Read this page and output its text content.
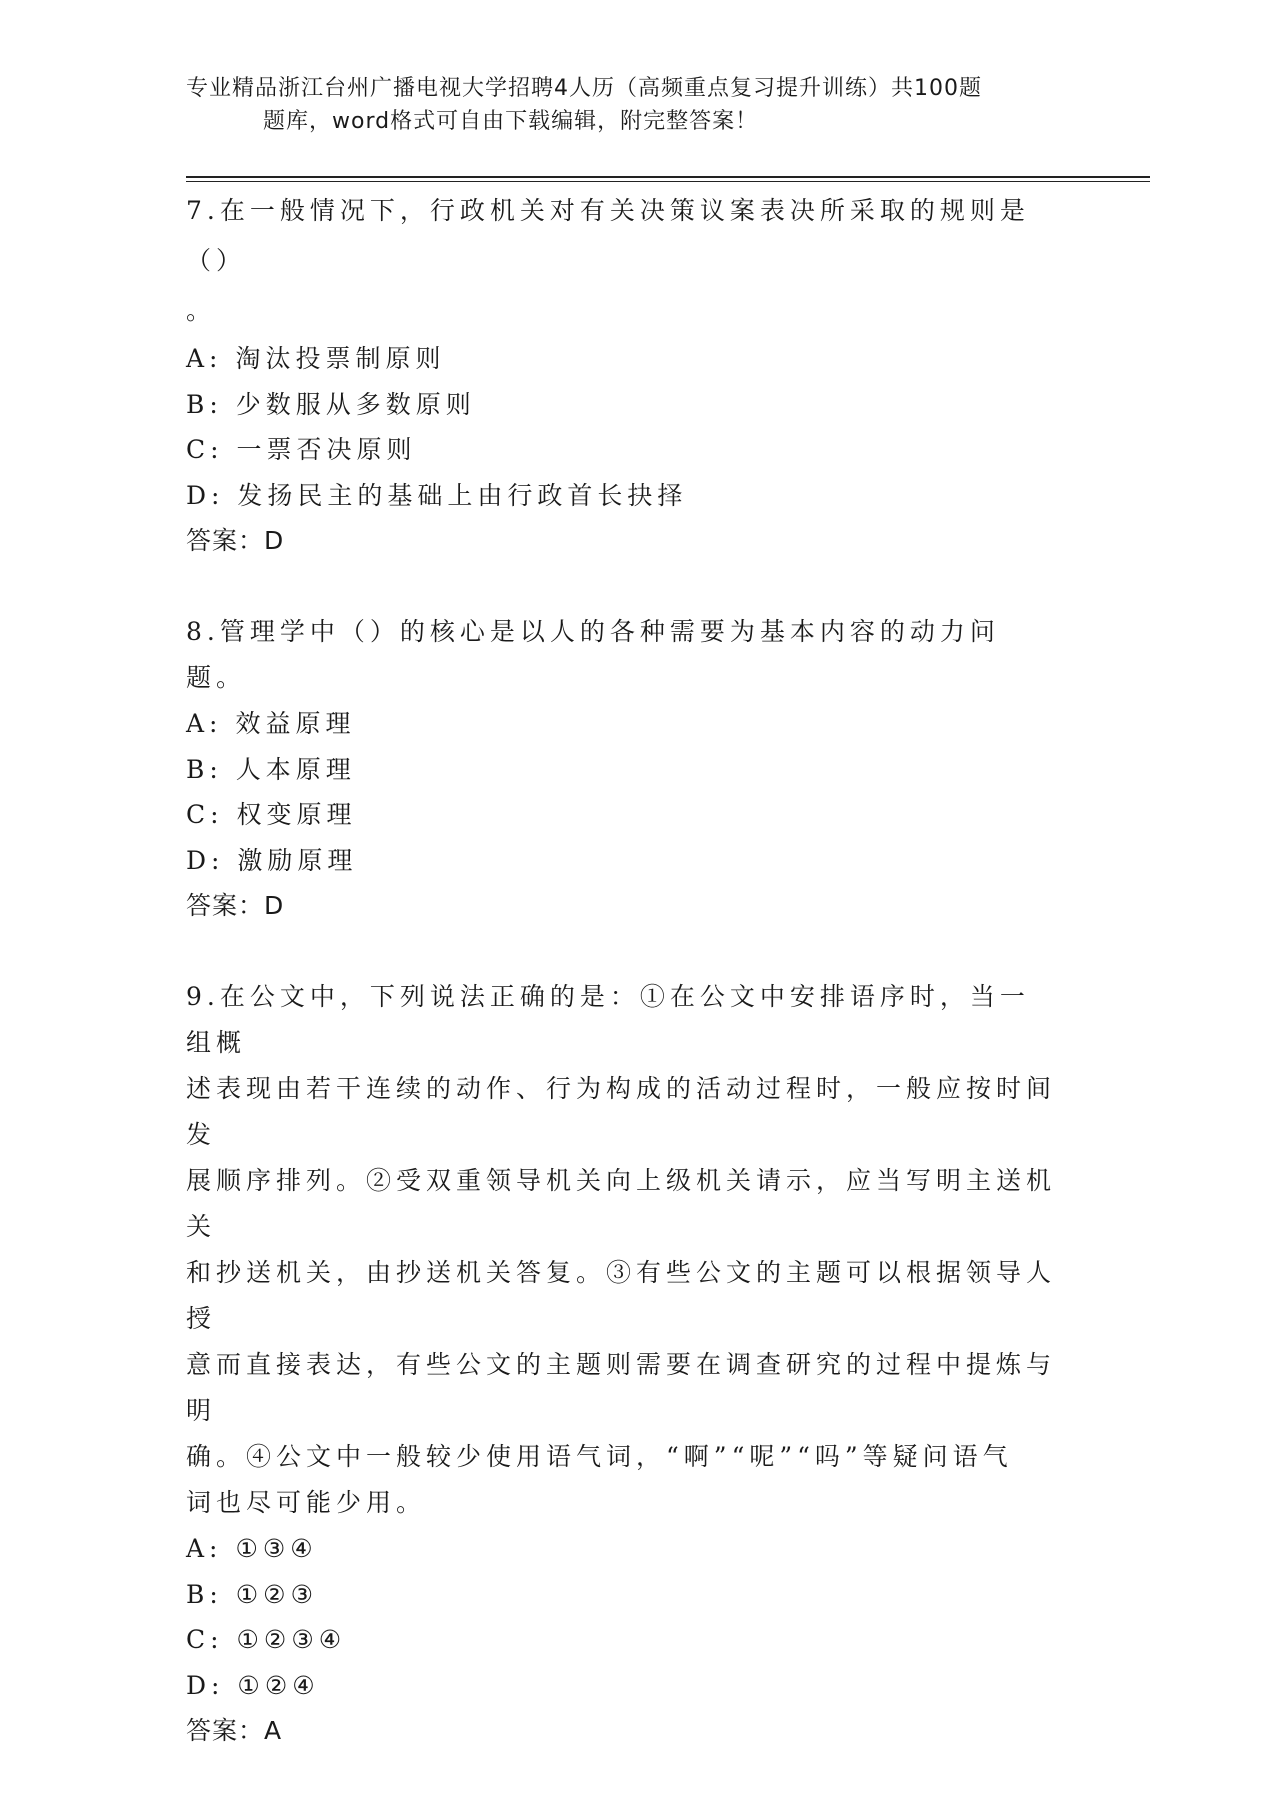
专业精品浙江台州广播电视大学招聘4人历（高频重点复习提升训练）共100题
题库，word格式可自由下载编辑，附完整答案！

7.在一般情况下，行政机关对有关决策议案表决所采取的规则是（）
。

A: 淘汰投票制原则

B: 少数服从多数原则

C: 一票否决原则

D: 发扬民主的基础上由行政首长抉择

答案：D

8.管理学中（）的核心是以人的各种需要为基本内容的动力问题。

A: 效益原理

B: 人本原理

C: 权变原理

D: 激励原理

答案：D

9.在公文中，下列说法正确的是：①在公文中安排语序时，当一组概
述表现由若干连续的动作、行为构成的活动过程时，一般应按时间发
展顺序排列。②受双重领导机关向上级机关请示，应当写明主送机关
和抄送机关，由抄送机关答复。③有些公文的主题可以根据领导人授
意而直接表达，有些公文的主题则需要在调查研究的过程中提炼与明
确。④公文中一般较少使用语气词，“啊”“呢”“吗”等疑问语气
词也尽可能少用。

A: ①③④

B: ①②③

C: ①②③④

D: ①②④

答案：A
